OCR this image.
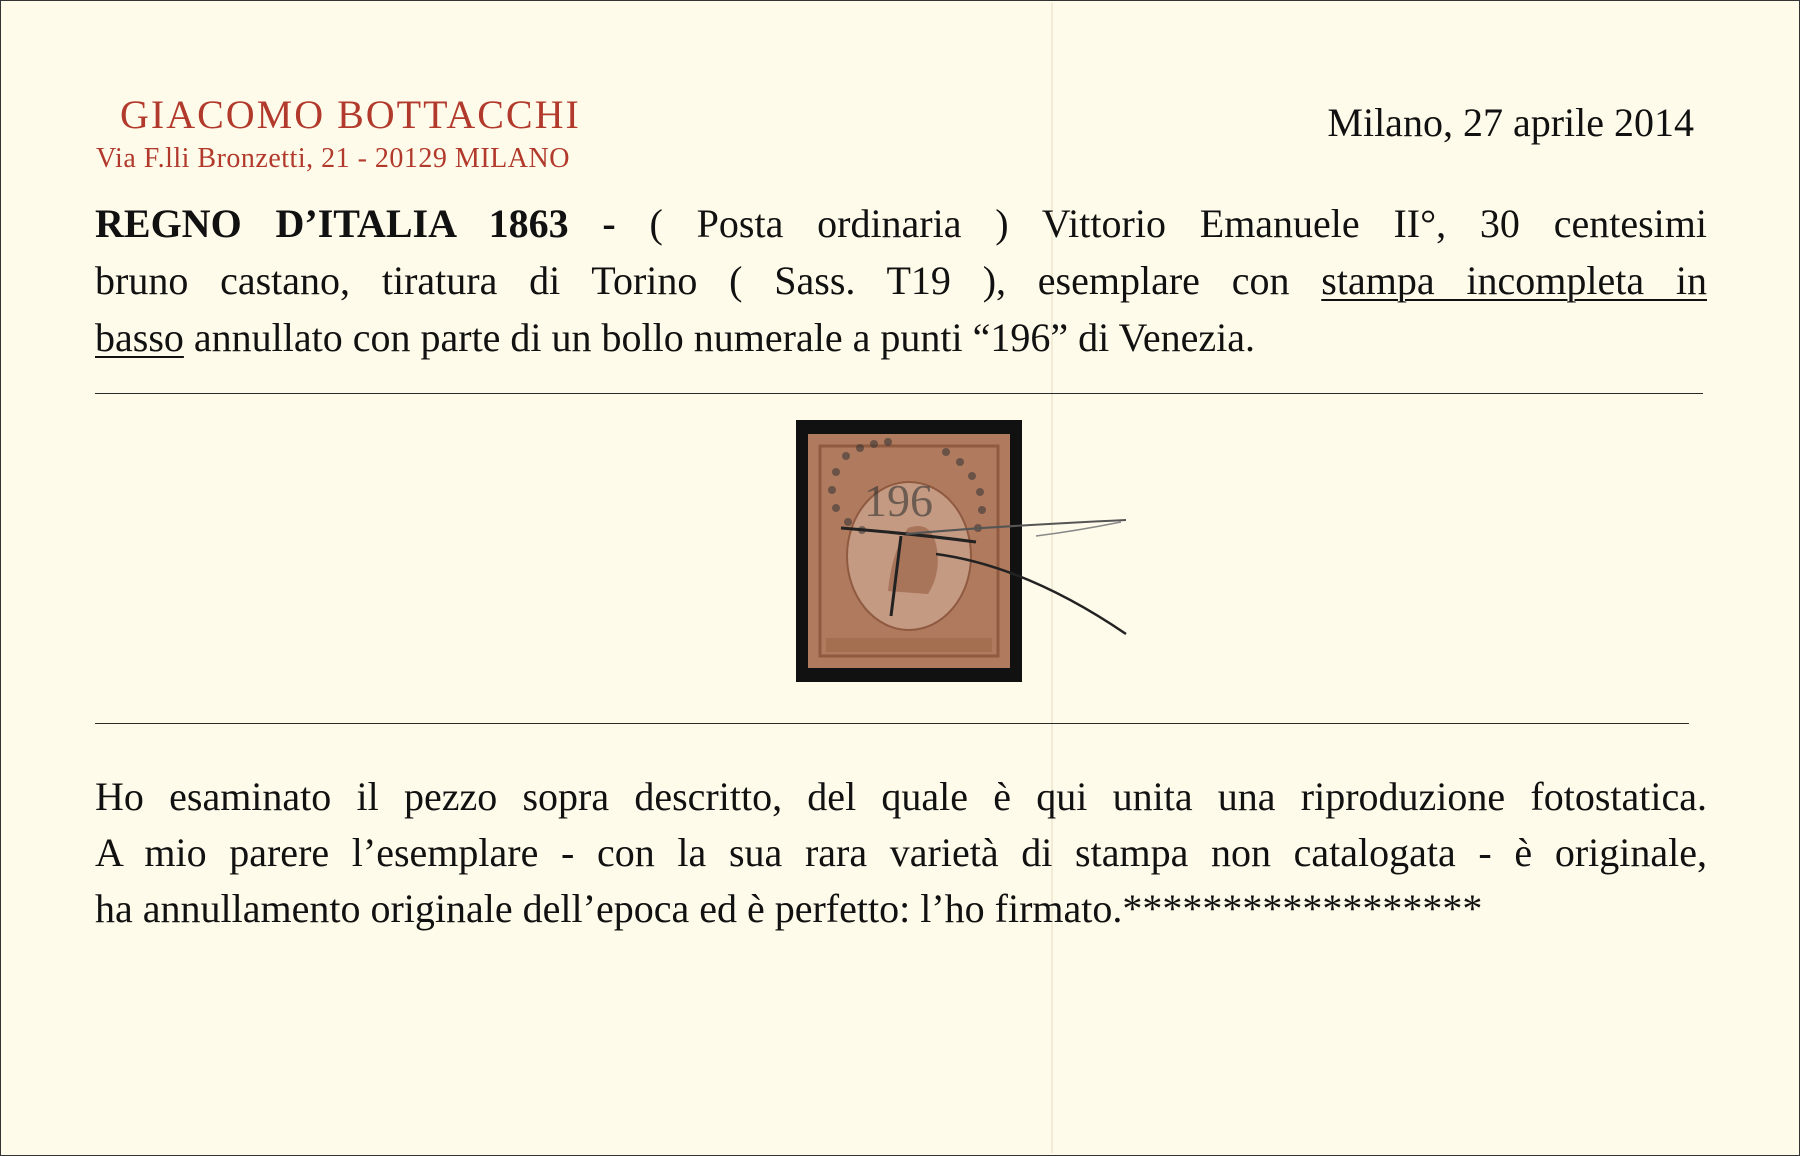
GIACOMO BOTTACCHI
Via F.lli Bronzetti, 21 - 20129 MILANO
Milano, 27 aprile 2014
REGNO D’ITALIA 1863 - ( Posta ordinaria ) Vittorio Emanuele II°, 30 centesimi
bruno castano, tiratura di Torino ( Sass. T19 ), esemplare con stampa incompleta in
basso annullato con parte di un bollo numerale a punti “196” di Venezia.
196
Ho esaminato il pezzo sopra descritto, del quale è qui unita una riproduzione fotostatica.
A mio parere l’esemplare - con la sua rara varietà di stampa non catalogata - è originale,
ha annullamento originale dell’epoca ed è perfetto: l’ho firmato.******************
